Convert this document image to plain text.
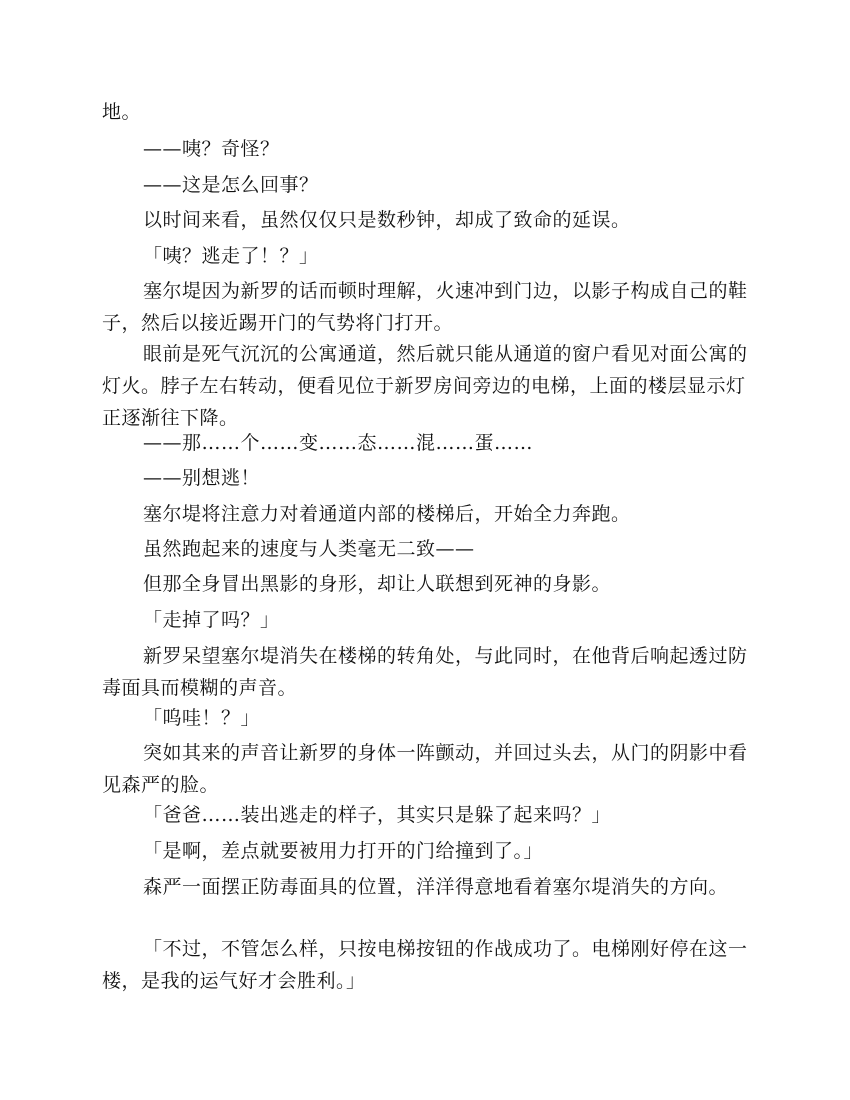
地。

——咦？奇怪？

——这是怎么回事？

以时间来看，虽然仅仅只是数秒钟，却成了致命的延误。

「咦？逃走了！？」

塞尔堤因为新罗的话而顿时理解，火速冲到门边，以影子构成自己的鞋子，然后以接近踢开门的气势将门打开。

眼前是死气沉沉的公寓通道，然后就只能从通道的窗户看见对面公寓的灯火。脖子左右转动，便看见位于新罗房间旁边的电梯，上面的楼层显示灯正逐渐往下降。

——那……个……变……态……混……蛋……

——别想逃！

塞尔堤将注意力对着通道内部的楼梯后，开始全力奔跑。

虽然跑起来的速度与人类毫无二致——

但那全身冒出黑影的身形，却让人联想到死神的身影。

「走掉了吗？」

新罗呆望塞尔堤消失在楼梯的转角处，与此同时，在他背后响起透过防毒面具而模糊的声音。

「呜哇！？」

突如其来的声音让新罗的身体一阵颤动，并回过头去，从门的阴影中看见森严的脸。

「爸爸……装出逃走的样子，其实只是躲了起来吗？」

「是啊，差点就要被用力打开的门给撞到了。」

森严一面摆正防毒面具的位置，洋洋得意地看着塞尔堤消失的方向。

「不过，不管怎么样，只按电梯按钮的作战成功了。电梯刚好停在这一楼，是我的运气好才会胜利。」
